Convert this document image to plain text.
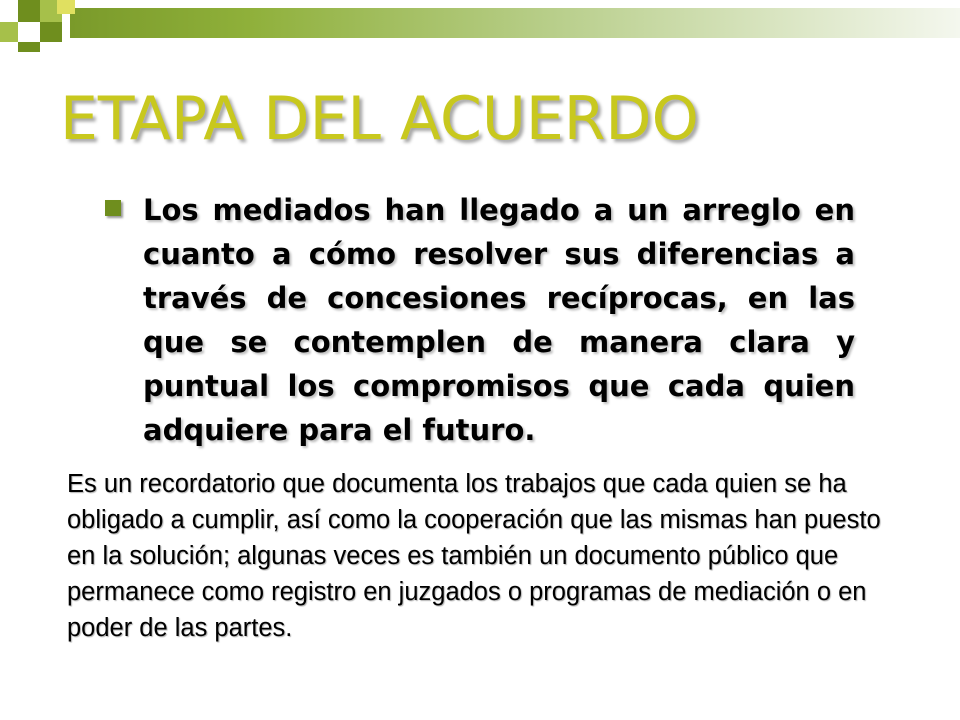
ETAPA DEL ACUERDO
Los mediados han llegado a un arreglo en cuanto a cómo resolver sus diferencias a través de concesiones recíprocas, en las que se contemplen de manera clara y puntual los compromisos que cada quien adquiere para el futuro.
Es un recordatorio que documenta los trabajos que cada quien se ha obligado a cumplir, así como la cooperación que las mismas han puesto en la solución; algunas veces es también un documento público que permanece como registro en juzgados o programas de mediación o en poder de las partes.
